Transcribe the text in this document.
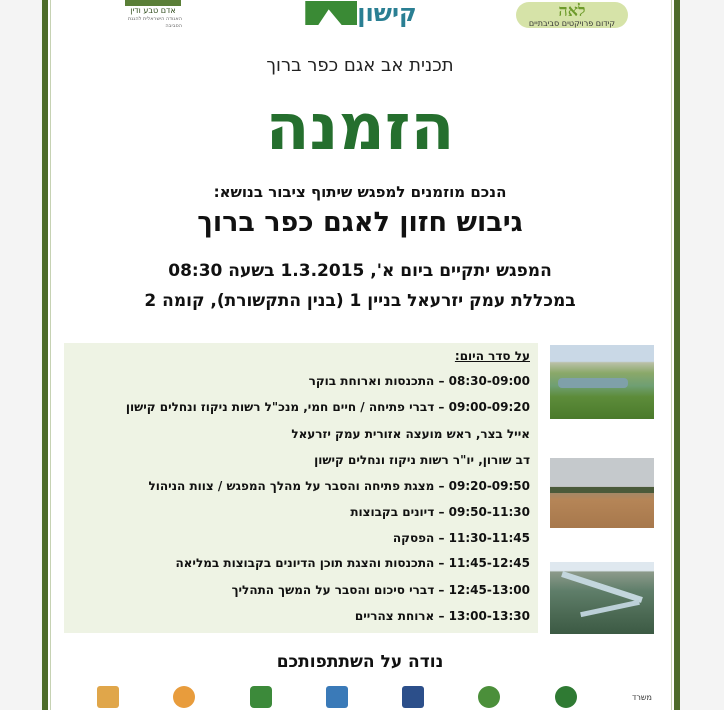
אדם טבע ודין
האגודה הישראלית להגנת הסביבה	קישון	לאה
קידום פרויקטים סביבתיים
תכנית אב אגם כפר ברוך
הזמנה
הנכם מוזמנים למפגש שיתוף ציבור בנושא:
גיבוש חזון לאגם כפר ברוך
המפגש יתקיים ביום א', 1.3.2015 בשעה 08:30
במכללת עמק יזרעאל בניין 1 (בנין התקשורת), קומה 2
על סדר היום:
08:30-09:00 – התכנסות וארוחת בוקר
09:00-09:20 – דברי פתיחה / חיים חמי, מנכ"ל רשות ניקוז ונחלים קישון
אייל בצר, ראש מועצה אזורית עמק יזרעאל
דב שורון, יו"ר רשות ניקוז ונחלים קישון
09:20-09:50 – מצגת פתיחה והסבר על מהלך המפגש / צוות הניהול
09:50-11:30 – דיונים בקבוצות
11:30-11:45 – הפסקה
11:45-12:45 – התכנסות והצגת תוכן הדיונים בקבוצות במליאה
12:45-13:00 – דברי סיכום והסבר על המשך התהליך
13:00-13:30 – ארוחת צהריים
נודה על השתתפותכם
משרד
